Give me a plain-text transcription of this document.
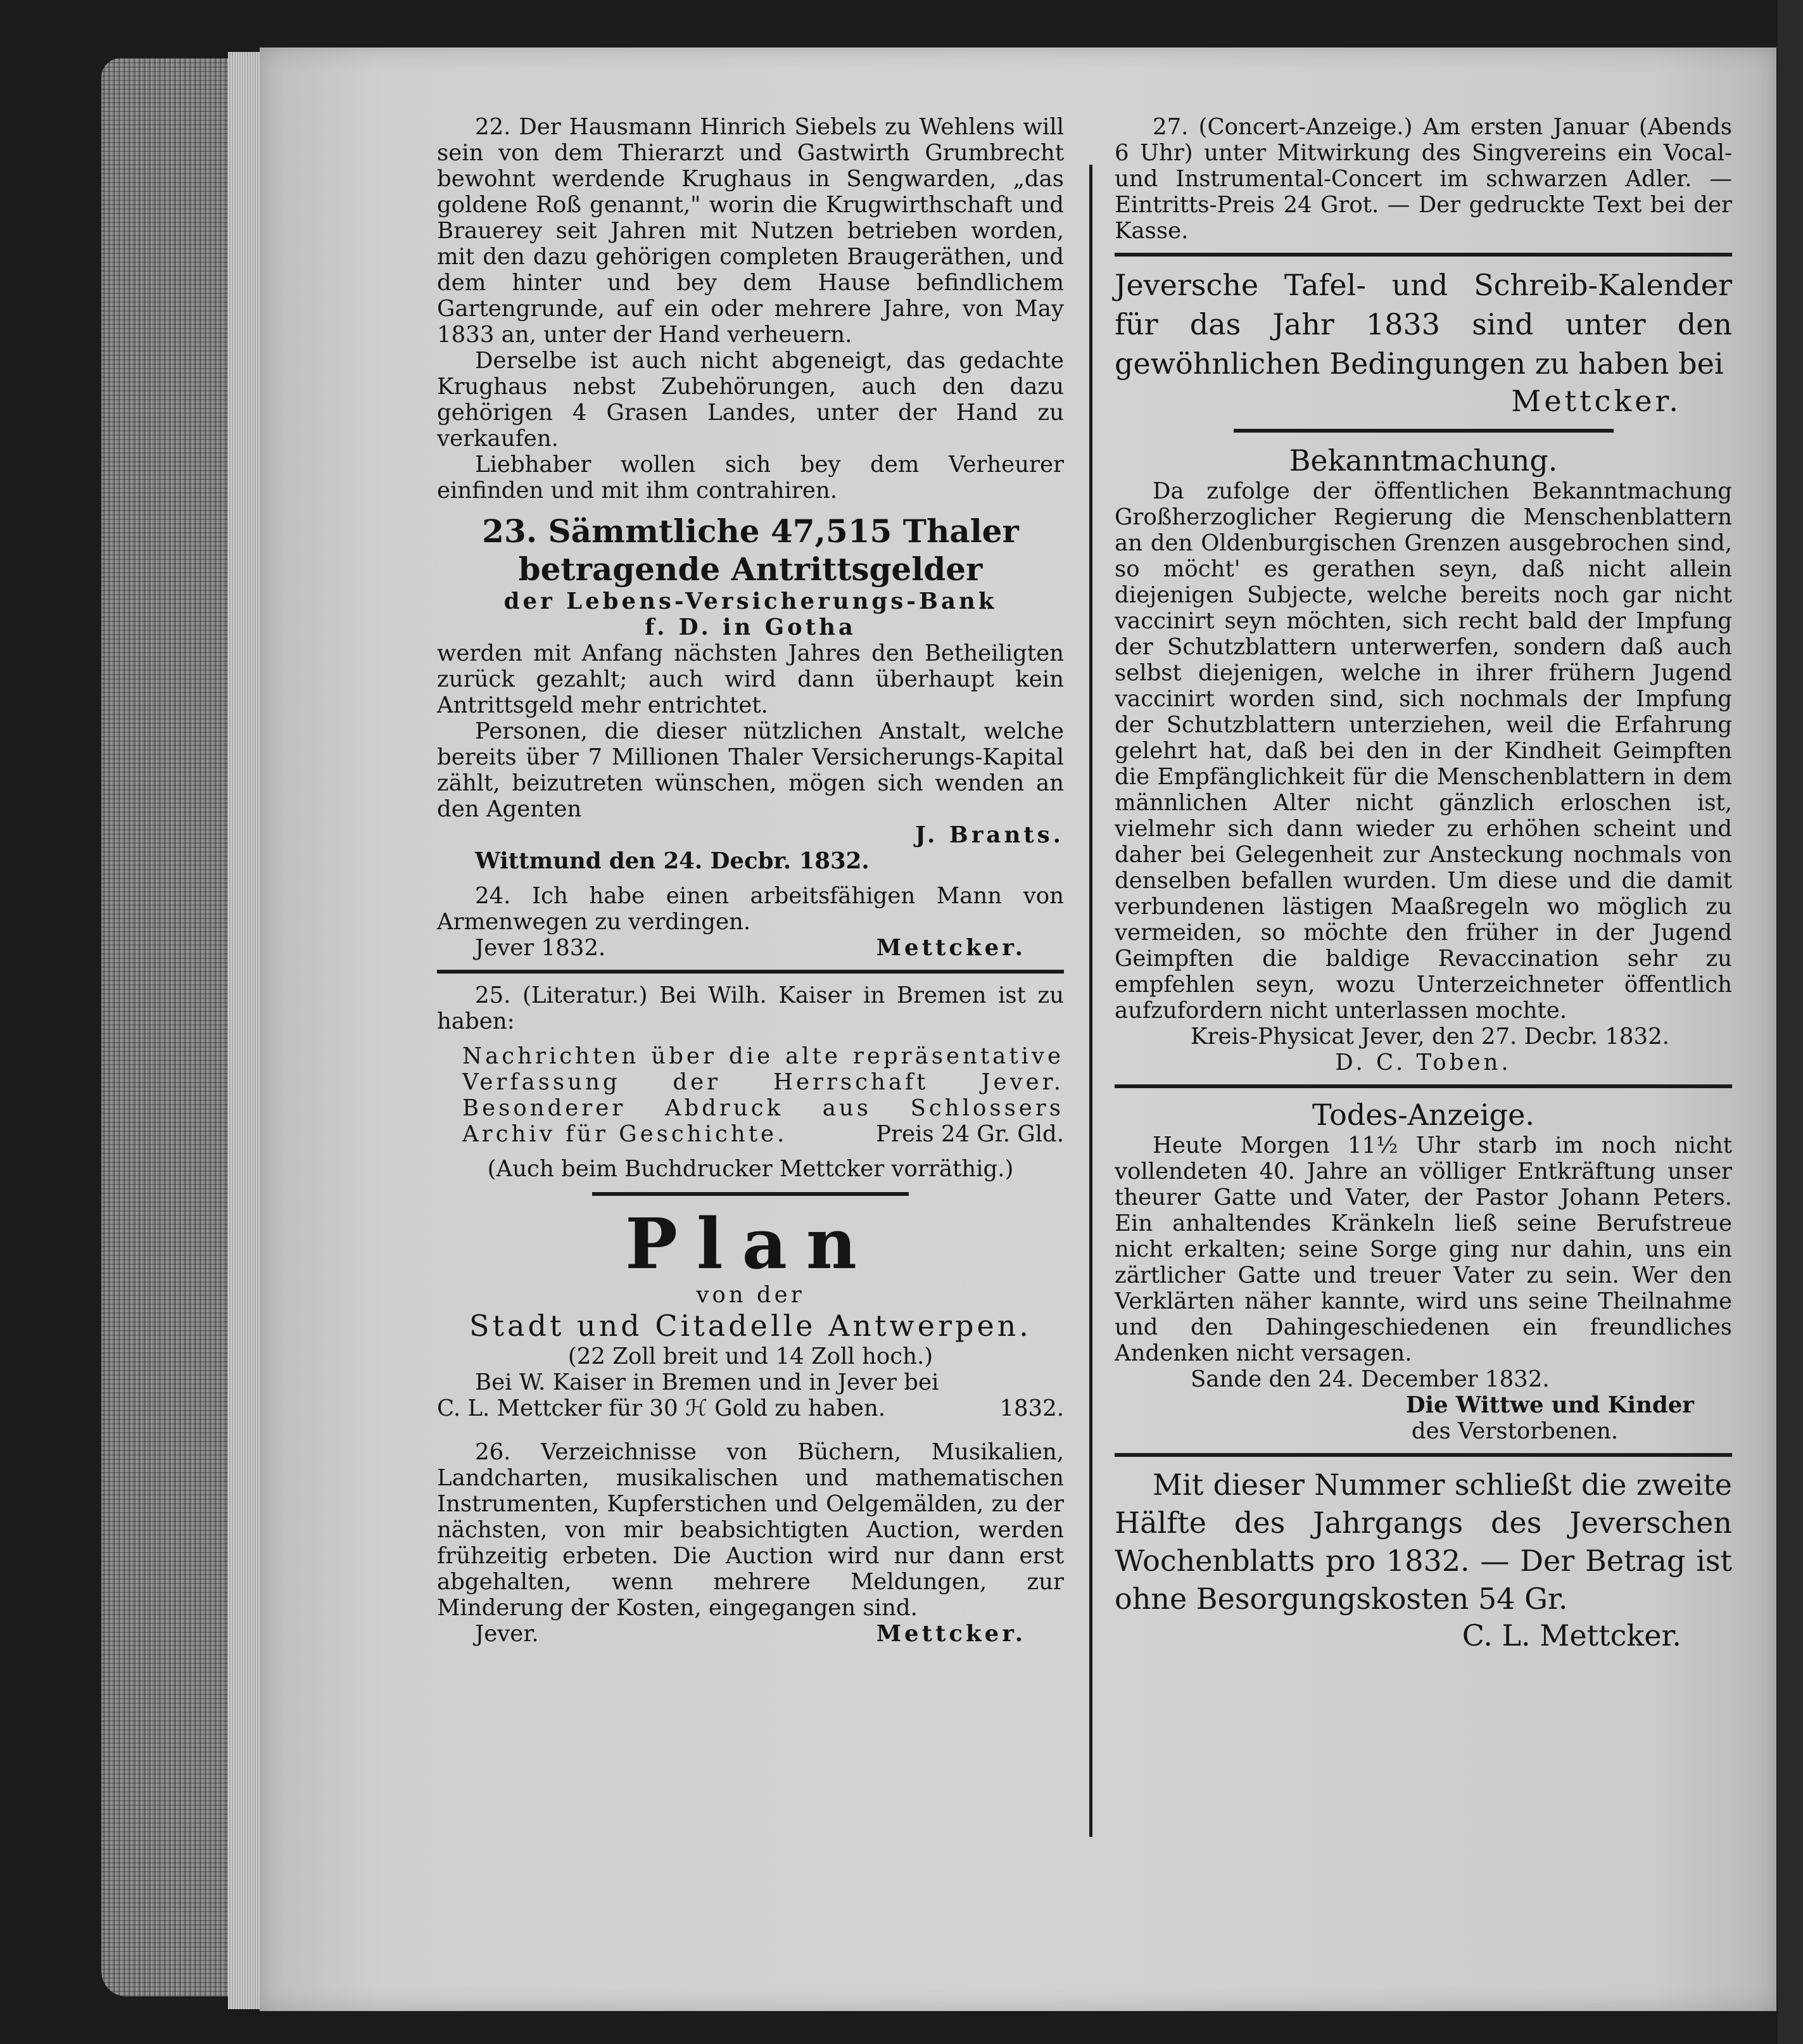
22. Der Hausmann Hinrich Siebels zu Wehlens will sein von dem Thierarzt und Gastwirth Grumbrecht bewohnt werdende Krughaus in Sengwarden, „das goldene Roß genannt," worin die Krugwirthschaft und Brauerey seit Jahren mit Nutzen betrieben worden, mit den dazu gehörigen completen Braugeräthen, und dem hinter und bey dem Hause befindlichem Gartengrunde, auf ein oder mehrere Jahre, von May 1833 an, unter der Hand verheuern.

Derselbe ist auch nicht abgeneigt, das gedachte Krughaus nebst Zubehörungen, auch den dazu gehörigen 4 Grasen Landes, unter der Hand zu verkaufen.

Liebhaber wollen sich bey dem Verheurer einfinden und mit ihm contrahiren.

23. Sämmtliche 47,515 Thaler betragende Antrittsgelder

der Lebens-Versicherungs-Bank

f. D. in Gotha

werden mit Anfang nächsten Jahres den Betheiligten zurück gezahlt; auch wird dann überhaupt kein Antrittsgeld mehr entrichtet.

Personen, die dieser nützlichen Anstalt, welche bereits über 7 Millionen Thaler Versicherungs-Kapital zählt, beizutreten wünschen, mögen sich wenden an den Agenten

J. Brants.

Wittmund den 24. Decbr. 1832.

24. Ich habe einen arbeitsfähigen Mann von Armenwegen zu verdingen.

Jever 1832.	Mettcker.

25. (Literatur.) Bei Wilh. Kaiser in Bremen ist zu haben:

Nachrichten über die alte repräsentative Verfassung der Herrschaft Jever. Besonderer Abdruck aus Schlossers Archiv für Geschichte.	Preis 24 Gr. Gld.

(Auch beim Buchdrucker Mettcker vorräthig.)

Plan

von der

Stadt und Citadelle Antwerpen.

(22 Zoll breit und 14 Zoll hoch.)

Bei W. Kaiser in Bremen und in Jever bei

C. L. Mettcker für 30 ℋ Gold zu haben.	1832.

26. Verzeichnisse von Büchern, Musikalien, Landcharten, musikalischen und mathematischen Instrumenten, Kupferstichen und Oelgemälden, zu der nächsten, von mir beabsichtigten Auction, werden frühzeitig erbeten. Die Auction wird nur dann erst abgehalten, wenn mehrere Meldungen, zur Minderung der Kosten, eingegangen sind.

Jever.	Mettcker.

27. (Concert-Anzeige.) Am ersten Januar (Abends 6 Uhr) unter Mitwirkung des Singvereins ein Vocal- und Instrumental-Concert im schwarzen Adler. — Eintritts-Preis 24 Grot. — Der gedruckte Text bei der Kasse.

Jeversche Tafel- und Schreib-Kalender für das Jahr 1833 sind unter den gewöhnlichen Bedingungen zu haben bei

Mettcker.

Bekanntmachung.

Da zufolge der öffentlichen Bekanntmachung Großherzoglicher Regierung die Menschenblattern an den Oldenburgischen Grenzen ausgebrochen sind, so möcht' es gerathen seyn, daß nicht allein diejenigen Subjecte, welche bereits noch gar nicht vaccinirt seyn möchten, sich recht bald der Impfung der Schutzblattern unterwerfen, sondern daß auch selbst diejenigen, welche in ihrer frühern Jugend vaccinirt worden sind, sich nochmals der Impfung der Schutzblattern unterziehen, weil die Erfahrung gelehrt hat, daß bei den in der Kindheit Geimpften die Empfänglichkeit für die Menschenblattern in dem männlichen Alter nicht gänzlich erloschen ist, vielmehr sich dann wieder zu erhöhen scheint und daher bei Gelegenheit zur Ansteckung nochmals von denselben befallen wurden. Um diese und die damit verbundenen lästigen Maaßregeln wo möglich zu vermeiden, so möchte den früher in der Jugend Geimpften die baldige Revaccination sehr zu empfehlen seyn, wozu Unterzeichneter öffentlich aufzufordern nicht unterlassen mochte.

Kreis-Physicat Jever, den 27. Decbr. 1832.

D. C. Toben.

Todes-Anzeige.

Heute Morgen 11½ Uhr starb im noch nicht vollendeten 40. Jahre an völliger Entkräftung unser theurer Gatte und Vater, der Pastor Johann Peters. Ein anhaltendes Kränkeln ließ seine Berufstreue nicht erkalten; seine Sorge ging nur dahin, uns ein zärtlicher Gatte und treuer Vater zu sein. Wer den Verklärten näher kannte, wird uns seine Theilnahme und den Dahingeschiedenen ein freundliches Andenken nicht versagen.

Sande den 24. December 1832.

Die Wittwe und Kinder

des Verstorbenen.

Mit dieser Nummer schließt die zweite Hälfte des Jahrgangs des Jeverschen Wochenblatts pro 1832. — Der Betrag ist ohne Besorgungskosten 54 Gr.

C. L. Mettcker.
